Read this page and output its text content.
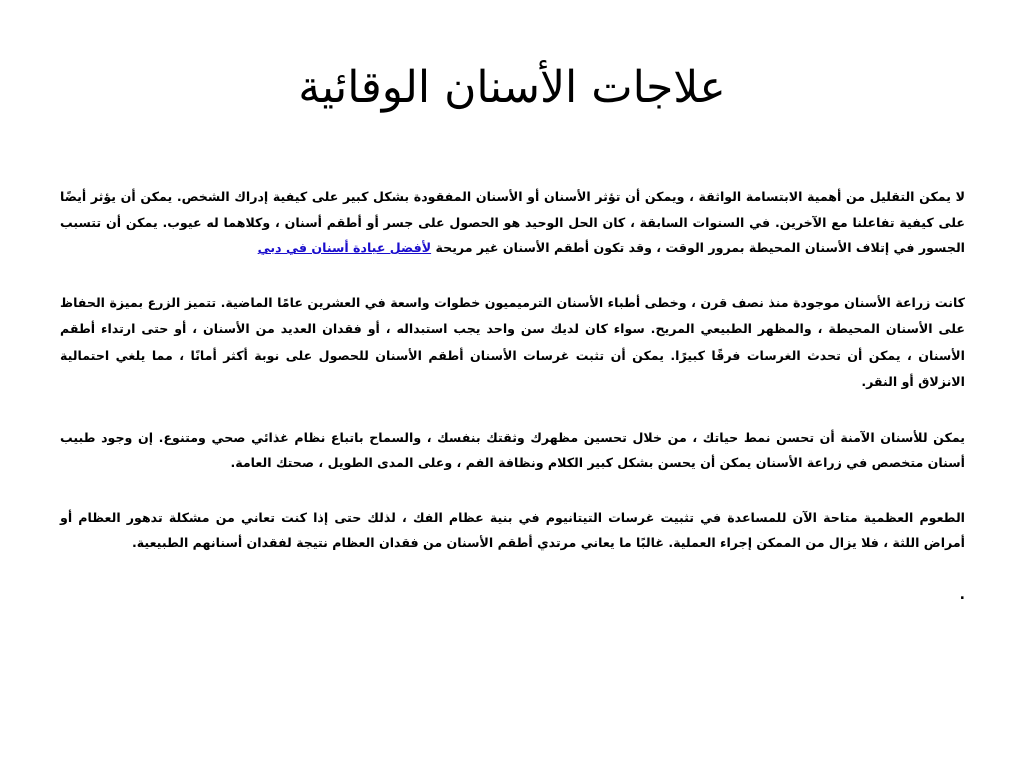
علاجات الأسنان الوقائية

لا يمكن التقليل من أهمية الابتسامة الواثقة ، ويمكن أن تؤثر الأسنان أو الأسنان المفقودة بشكل كبير على كيفية إدراك الشخص. يمكن أن يؤثر أيضًا على كيفية تفاعلنا مع الآخرين. في السنوات السابقة ، كان الحل الوحيد هو الحصول على جسر أو أطقم أسنان ، وكلاهما له عيوب. يمكن أن تتسبب الجسور في إتلاف الأسنان المحيطة بمرور الوقت ، وقد تكون أطقم الأسنان غير مريحة لأفضل عيادة أسنان في دبي

كانت زراعة الأسنان موجودة منذ نصف قرن ، وخطى أطباء الأسنان الترميميون خطوات واسعة في العشرين عامًا الماضية. تتميز الزرع بميزة الحفاظ على الأسنان المحيطة ، والمظهر الطبيعي المريح. سواء كان لديك سن واحد يجب استبداله ، أو فقدان العديد من الأسنان ، أو حتى ارتداء أطقم الأسنان ، يمكن أن تحدث الغرسات فرقًا كبيرًا. يمكن أن تثبت غرسات الأسنان أطقم الأسنان للحصول على نوبة أكثر أمانًا ، مما يلغي احتمالية الانزلاق أو النقر.

يمكن للأسنان الآمنة أن تحسن نمط حياتك ، من خلال تحسين مظهرك وثقتك بنفسك ، والسماح باتباع نظام غذائي صحي ومتنوع. إن وجود طبيب أسنان متخصص في زراعة الأسنان يمكن أن يحسن بشكل كبير الكلام ونظافة الفم ، وعلى المدى الطويل ، صحتك العامة.

الطعوم العظمية متاحة الآن للمساعدة في تثبيت غرسات التيتانيوم في بنية عظام الفك ، لذلك حتى إذا كنت تعاني من مشكلة تدهور العظام أو أمراض اللثة ، فلا يزال من الممكن إجراء العملية. غالبًا ما يعاني مرتدي أطقم الأسنان من فقدان العظام نتيجة لفقدان أسنانهم الطبيعية.

.
